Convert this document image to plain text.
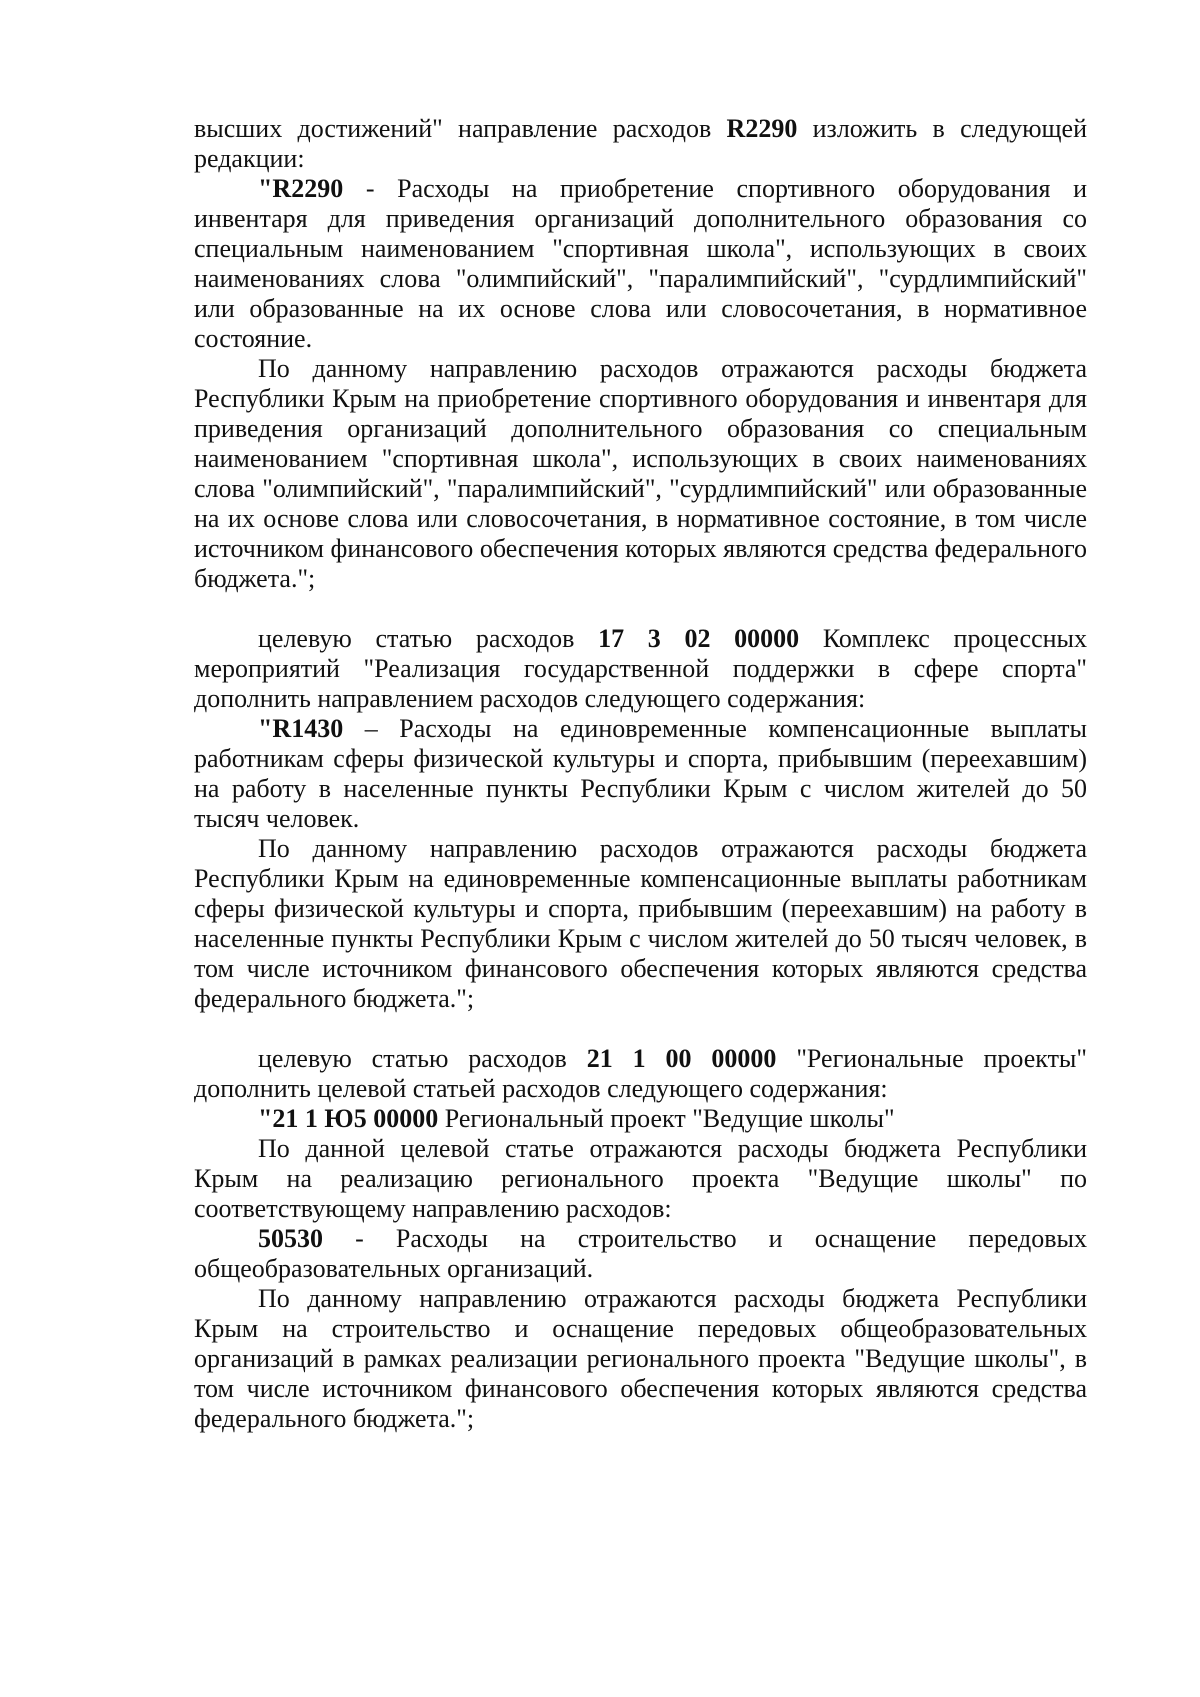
высших достижений" направление расходов R2290 изложить в следующей редакции:

"R2290 - Расходы на приобретение спортивного оборудования и инвентаря для приведения организаций дополнительного образования со специальным наименованием "спортивная школа", использующих в своих наименованиях слова "олимпийский", "паралимпийский", "сурдлимпийский" или образованные на их основе слова или словосочетания, в нормативное состояние.

По данному направлению расходов отражаются расходы бюджета Республики Крым на приобретение спортивного оборудования и инвентаря для приведения организаций дополнительного образования со специальным наименованием "спортивная школа", использующих в своих наименованиях слова "олимпийский", "паралимпийский", "сурдлимпийский" или образованные на их основе слова или словосочетания, в нормативное состояние, в том числе источником финансового обеспечения которых являются средства федерального бюджета.";

целевую статью расходов 17 3 02 00000 Комплекс процессных мероприятий "Реализация государственной поддержки в сфере спорта" дополнить направлением расходов следующего содержания:

"R1430 – Расходы на единовременные компенсационные выплаты работникам сферы физической культуры и спорта, прибывшим (переехавшим) на работу в населенные пункты Республики Крым с числом жителей до 50 тысяч человек.

По данному направлению расходов отражаются расходы бюджета Республики Крым на единовременные компенсационные выплаты работникам сферы физической культуры и спорта, прибывшим (переехавшим) на работу в населенные пункты Республики Крым с числом жителей до 50 тысяч человек, в том числе источником финансового обеспечения которых являются средства федерального бюджета.";

целевую статью расходов 21 1 00 00000 "Региональные проекты" дополнить целевой статьей расходов следующего содержания:

"21 1 Ю5 00000 Региональный проект "Ведущие школы"

По данной целевой статье отражаются расходы бюджета Республики Крым на реализацию регионального проекта "Ведущие школы" по соответствующему направлению расходов:

50530 - Расходы на строительство и оснащение передовых общеобразовательных организаций.

По данному направлению отражаются расходы бюджета Республики Крым на строительство и оснащение передовых общеобразовательных организаций в рамках реализации регионального проекта "Ведущие школы", в том числе источником финансового обеспечения которых являются средства федерального бюджета.";
